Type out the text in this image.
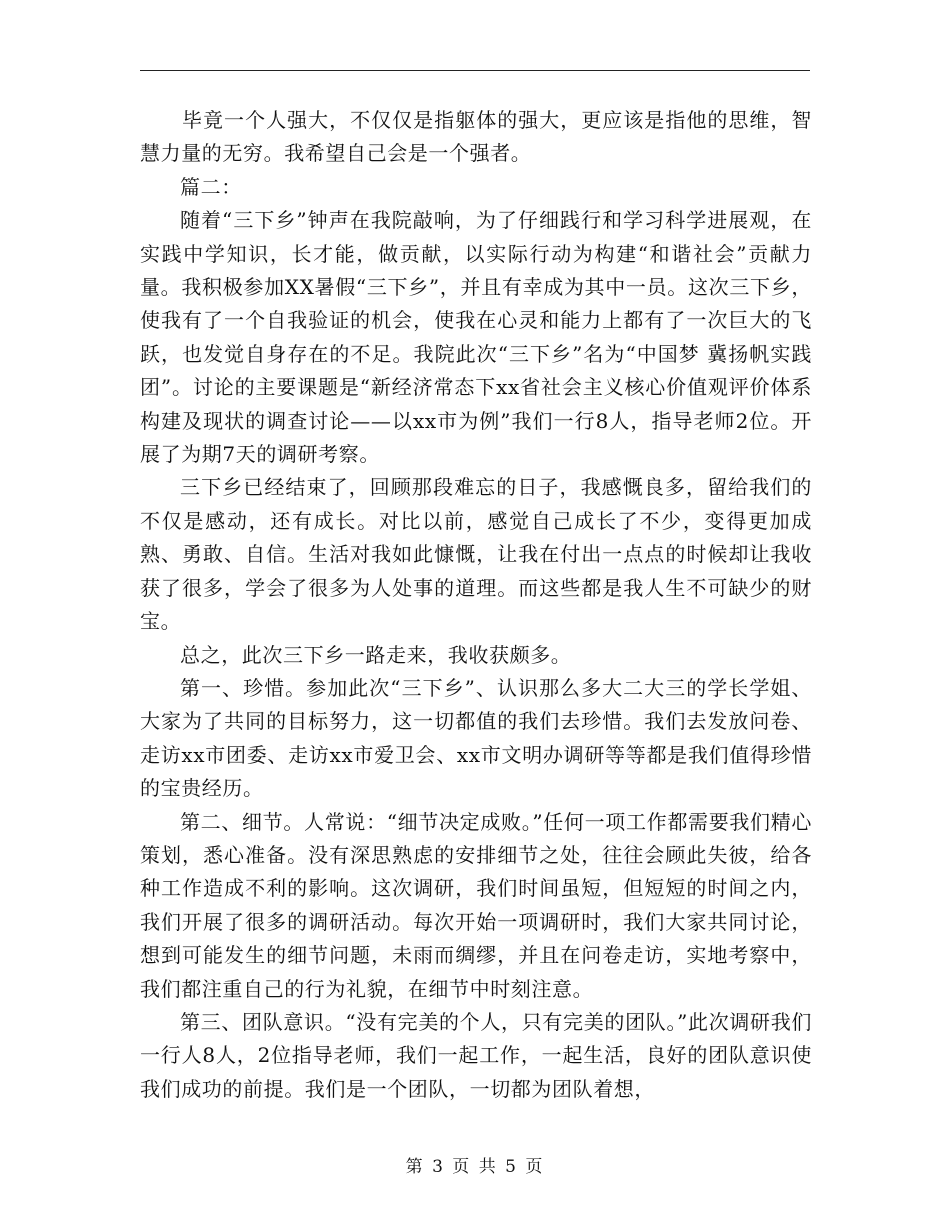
　　毕竟一个人强大，不仅仅是指躯体的强大，更应该是指他的思维，智慧力量的无穷。我希望自己会是一个强者。

篇二：

随着“三下乡”钟声在我院敲响，为了仔细践行和学习科学进展观，在实践中学知识，长才能，做贡献，以实际行动为构建“和谐社会”贡献力量。我积极参加XX暑假“三下乡”，并且有幸成为其中一员。这次三下乡，使我有了一个自我验证的机会，使我在心灵和能力上都有了一次巨大的飞跃，也发觉自身存在的不足。我院此次“三下乡”名为“中国梦 冀扬帆实践团”。讨论的主要课题是“新经济常态下xx省社会主义核心价值观评价体系构建及现状的调查讨论——以xx市为例”我们一行8人，指导老师2位。开展了为期7天的调研考察。

三下乡已经结束了，回顾那段难忘的日子，我感慨良多，留给我们的不仅是感动，还有成长。对比以前，感觉自己成长了不少，变得更加成熟、勇敢、自信。生活对我如此慷慨，让我在付出一点点的时候却让我收获了很多，学会了很多为人处事的道理。而这些都是我人生不可缺少的财宝。

总之，此次三下乡一路走来，我收获颇多。

第一、珍惜。参加此次“三下乡”、认识那么多大二大三的学长学姐、大家为了共同的目标努力，这一切都值的我们去珍惜。我们去发放问卷、走访xx市团委、走访xx市爱卫会、xx市文明办调研等等都是我们值得珍惜的宝贵经历。

第二、细节。人常说：“细节决定成败。”任何一项工作都需要我们精心策划，悉心准备。没有深思熟虑的安排细节之处，往往会顾此失彼，给各种工作造成不利的影响。这次调研，我们时间虽短，但短短的时间之内，我们开展了很多的调研活动。每次开始一项调研时，我们大家共同讨论，想到可能发生的细节问题，未雨而绸缪，并且在问卷走访，实地考察中，我们都注重自己的行为礼貌，在细节中时刻注意。

第三、团队意识。“没有完美的个人，只有完美的团队。”此次调研我们一行人8人，2位指导老师，我们一起工作，一起生活，良好的团队意识使我们成功的前提。我们是一个团队，一切都为团队着想，

第 3 页 共 5 页
